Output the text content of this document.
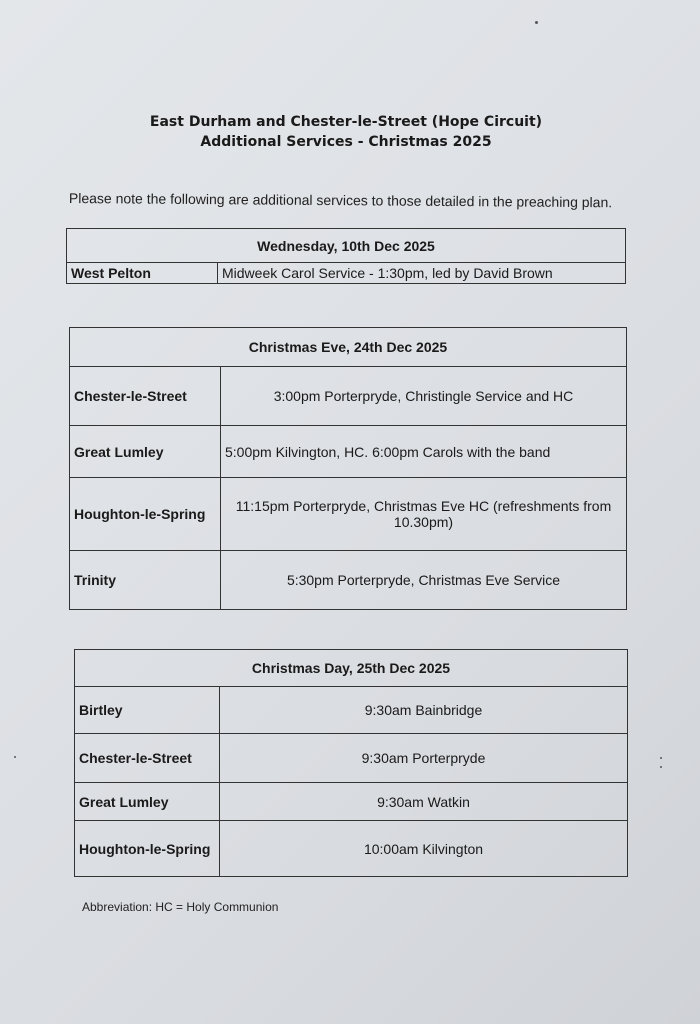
East Durham and Chester-le-Street (Hope Circuit)
Additional Services - Christmas 2025
Please note the following are additional services to those detailed in the preaching plan.
Wednesday, 10th Dec 2025
West Pelton	Midweek Carol Service - 1:30pm, led by David Brown
Christmas Eve, 24th Dec 2025	
Chester-le-Street	3:00pm Porterpryde, Christingle Service and HC
Great Lumley	5:00pm Kilvington, HC. 6:00pm Carols with the band
Houghton-le-Spring	11:15pm Porterpryde, Christmas Eve HC (refreshments from 10.30pm)
Trinity	5:30pm Porterpryde, Christmas Eve Service
Christmas Day, 25th Dec 2025	
Birtley	9:30am Bainbridge
Chester-le-Street	9:30am Porterpryde
Great Lumley	9:30am Watkin
Houghton-le-Spring	10:00am Kilvington
Abbreviation: HC = Holy Communion
